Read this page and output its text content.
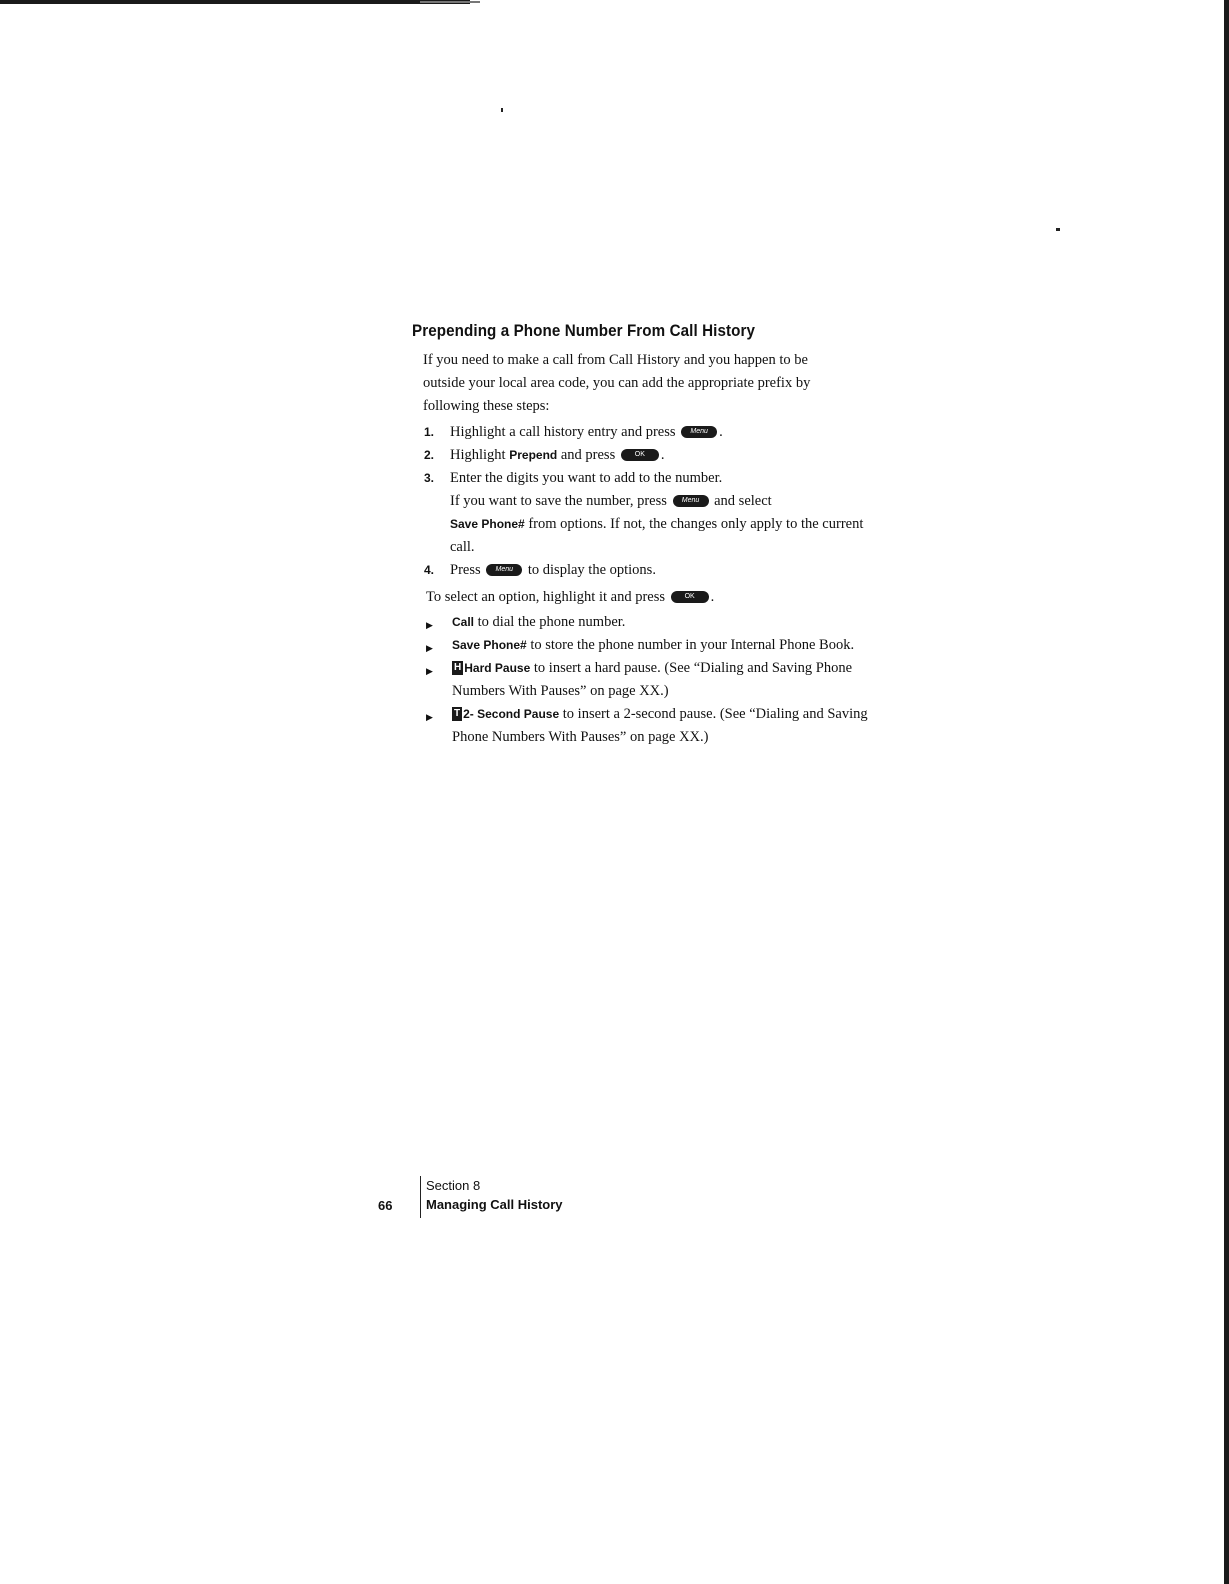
Prepending a Phone Number From Call History

If you need to make a call from Call History and you happen to be outside your local area code, you can add the appropriate prefix by following these steps:

1. Highlight a call history entry and press Menu .
2. Highlight Prepend and press	OK .
3. Enter the digits you want to add to the number.
If you want to save the number, press Menu and select
Save Phone# from options. If not, the changes only apply to the current call.
4. Press Menu to display the options.
To select an option, highlight it and press	OK .
▶ Call to dial the phone number.
▶ Save Phone# to store the phone number in your Internal Phone Book.
▶ H Hard Pause to insert a hard pause. (See “Dialing and Saving Phone Numbers With Pauses” on page XX.)
▶ T 2- Second Pause to insert a 2-second pause. (See “Dialing and Saving Phone Numbers With Pauses” on page XX.)
66
Section 8
Managing Call History
